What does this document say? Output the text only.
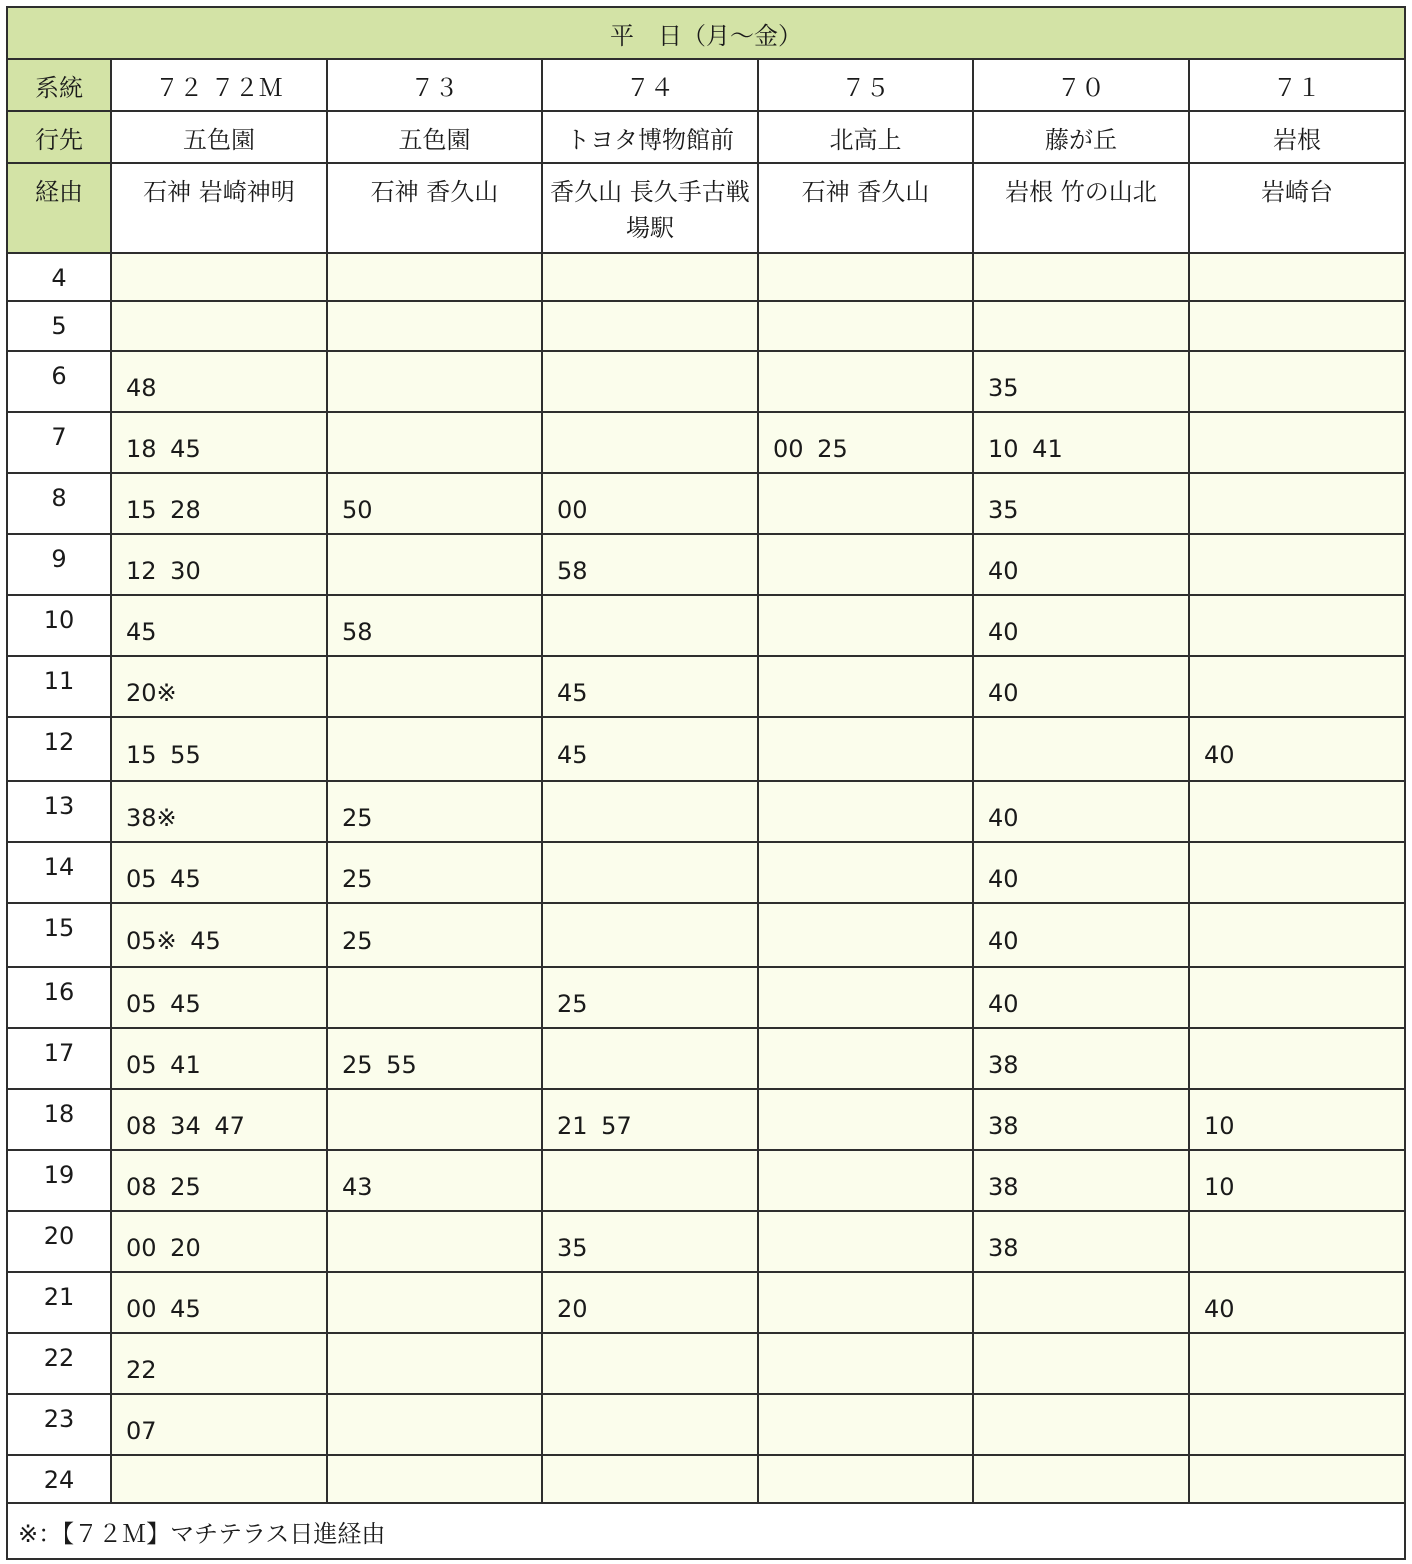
平　日（月〜金）						
系統	７２ ７２Ｍ	７３	７４	７５	７０	７１
行先	五色園	五色園	トヨタ博物館前	北高上	藤が丘	岩根
経由	石神 岩崎神明	石神 香久山	香久山 長久手古戦場駅	石神 香久山	岩根 竹の山北	岩崎台
4						
5						
6	48				35	
7	18 45			00 25	10 41	
8	15 28	50	00		35	
9	12 30		58		40	
10	45	58			40	
11	20※		45		40	
12	15 55		45			40
13	38※	25			40	
14	05 45	25			40	
15	05※ 45	25			40	
16	05 45		25		40	
17	05 41	25 55			38	
18	08 34 47		21 57		38	10
19	08 25	43			38	10
20	00 20		35		38	
21	00 45		20			40
22	22					
23	07					
24						
※：【７２Ｍ】マチテラス日進経由						
